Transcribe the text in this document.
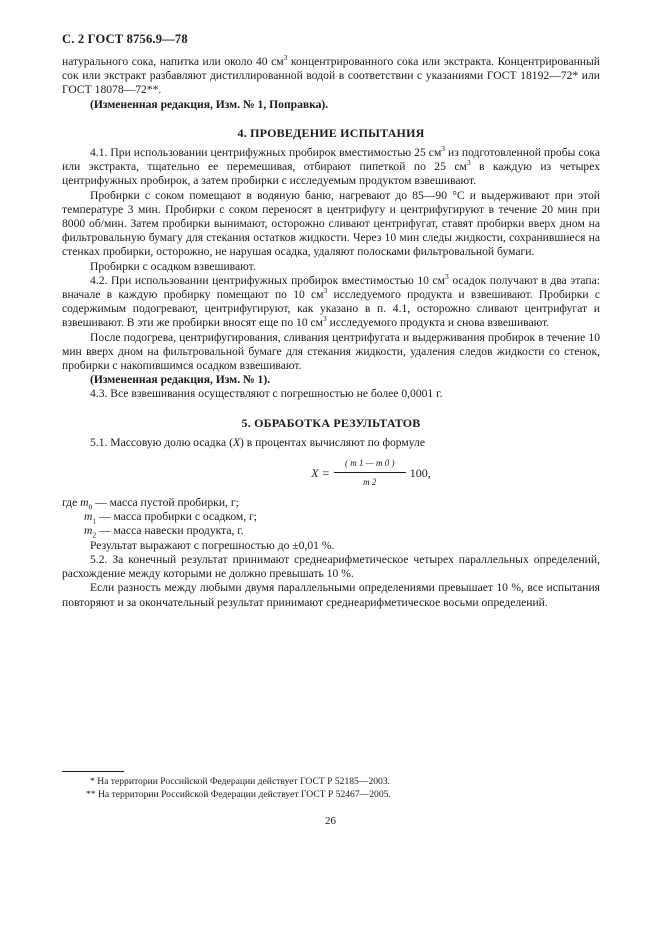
С. 2 ГОСТ 8756.9—78

натурального сока, напитка или около 40 $см^3$ концентрированного сока или экстракта. Концентрированный сок или экстракт разбавляют дистиллированной водой в соответствии с указаниями ГОСТ 18192—72* или ГОСТ 18078—72**.

(Измененная редакция, Изм. № 1, Поправка).

4. ПРОВЕДЕНИЕ ИСПЫТАНИЯ

4.1. При использовании центрифужных пробирок вместимостью 25 $см^3$ из подготовленной пробы сока или экстракта, тщательно ее перемешивая, отбирают пипеткой по 25 $см^3$ в каждую из четырех центрифужных пробирок, а затем пробирки с исследуемым продуктом взвешивают.

Пробирки с соком помещают в водяную баню, нагревают до 85—90 °С и выдерживают при этой температуре 3 мин. Пробирки с соком переносят в центрифугу и центрифугируют в течение 20 мин при 8000 об/мин. Затем пробирки вынимают, осторожно сливают центрифугат, ставят пробирки вверх дном на фильтровальную бумагу для стекания остатков жидкости. Через 10 мин следы жидкости, сохранившиеся на стенках пробирки, осторожно, не нарушая осадка, удаляют полосками фильтровальной бумаги.

Пробирки с осадком взвешивают.

4.2. При использовании центрифужных пробирок вместимостью 10 $см^3$ осадок получают в два этапа: вначале в каждую пробирку помещают по 10 $см^3$ исследуемого продукта и взвешивают. Пробирки с содержимым подогревают, центрифугируют, как указано в п. 4.1, осторожно сливают центрифугат и взвешивают. В эти же пробирки вносят еще по 10 $см^3$ исследуемого продукта и снова взвешивают.

После подогрева, центрифугирования, сливания центрифугата и выдерживания пробирок в течение 10 мин вверх дном на фильтровальной бумаге для стекания жидкости, удаления следов жидкости со стенок, пробирки с накопившимся осадком взвешивают.

(Измененная редакция, Изм. № 1).

4.3. Все взвешивания осуществляют с погрешностью не более 0,0001 г.

5. ОБРАБОТКА РЕЗУЛЬТАТОВ

5.1. Массовую долю осадка (X) в процентах вычисляют по формуле

$X = \frac{( m 1 — m 0 )}{m 2} 100$,

где $m_0$ — масса пустой пробирки, г;

$m_1$ — масса пробирки с осадком, г;

$m_2$ — масса навески продукта, г.

Результат выражают с погрешностью до ±0,01 %.

5.2. За конечный результат принимают среднеарифметическое четырех параллельных определений, расхождение между которыми не должно превышать 10 %.

Если разность между любыми двумя параллельными определениями превышает 10 %, все испытания повторяют и за окончательный результат принимают среднеарифметическое восьми определений.

* На территории Российской Федерации действует ГОСТ Р 52185—2003.

** На территории Российской Федерации действует ГОСТ Р 52467—2005.

26
